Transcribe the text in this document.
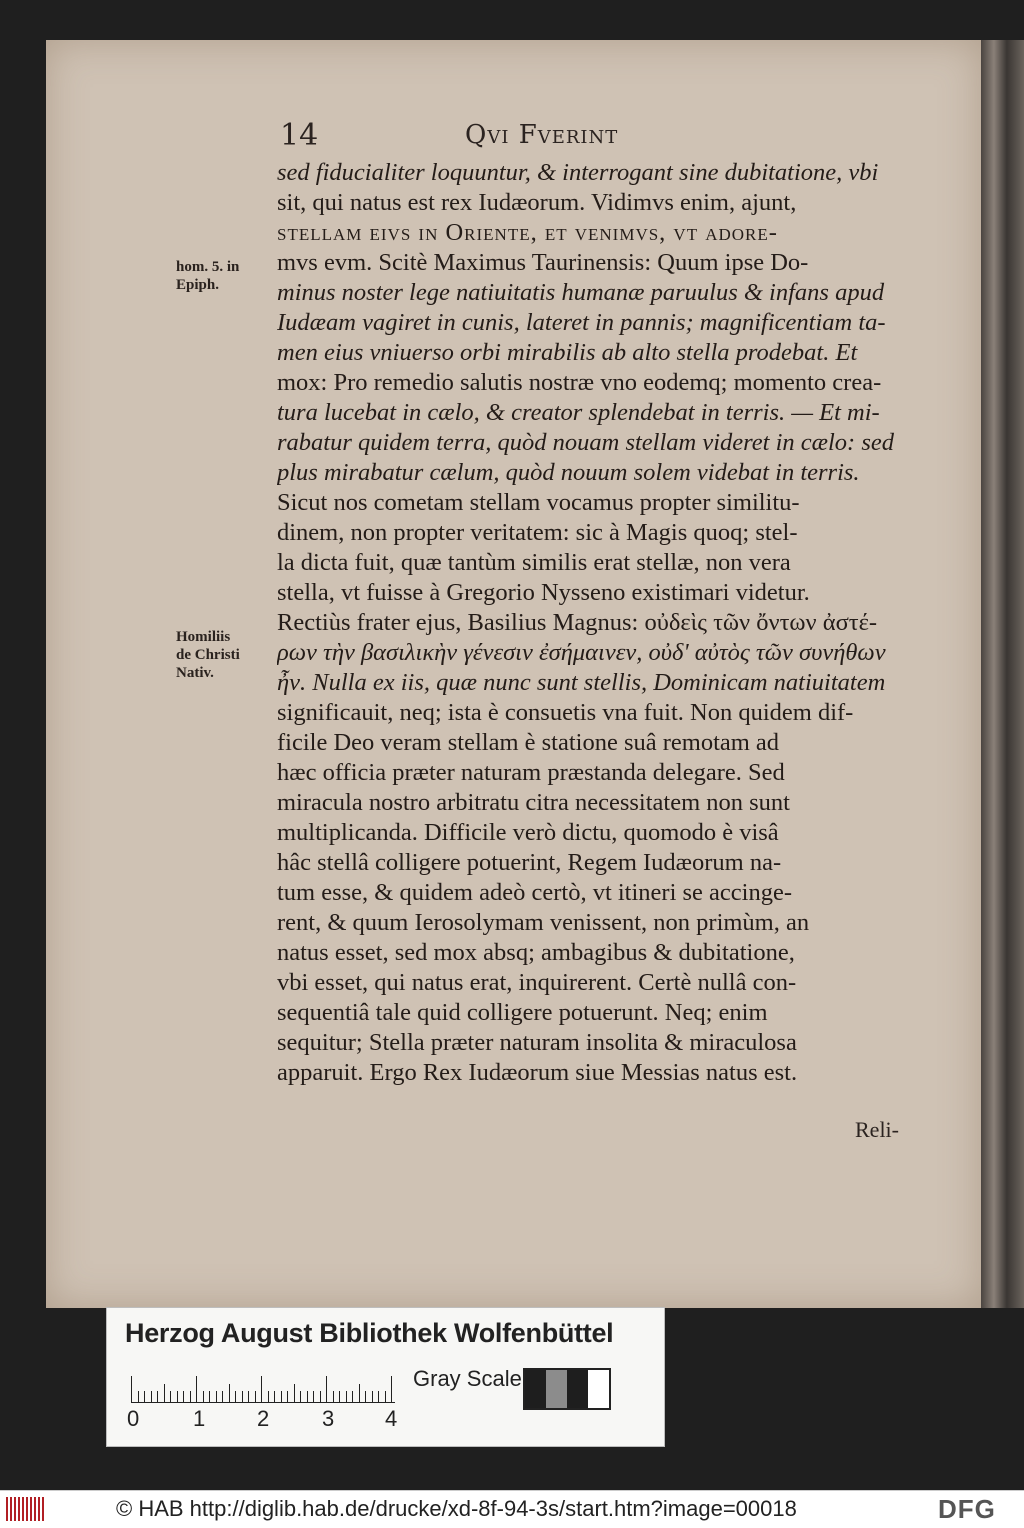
14	Qvi Fverint
hom. 5. in
Epiph.
Homiliis
de Christi
Nativ.
sed fiducialiter loquuntur, & interrogant sine dubitatione, vbi
sit, qui natus est rex Iudæorum. Vidimvs enim, ajunt,
stellam eivs in Oriente, et venimvs, vt adore-
mvs evm. Scitè Maximus Taurinensis: Quum ipse Do-
minus noster lege natiuitatis humanæ paruulus & infans apud
Iudæam vagiret in cunis, lateret in pannis; magnificentiam ta-
men eius vniuerso orbi mirabilis ab alto stella prodebat. Et
mox: Pro remedio salutis nostræ vno eodemq; momento crea-
tura lucebat in cælo, & creator splendebat in terris. — Et mi-
rabatur quidem terra, quòd nouam stellam videret in cælo: sed
plus mirabatur cælum, quòd nouum solem videbat in terris.
Sicut nos cometam stellam vocamus propter similitu-
dinem, non propter veritatem: sic à Magis quoq; stel-
la dicta fuit, quæ tantùm similis erat stellæ, non vera
stella, vt fuisse à Gregorio Nysseno existimari videtur.
Rectiùs frater ejus, Basilius Magnus: οὐδεὶς τῶν ὄντων ἀστέ-
ρων τὴν βασιλικὴν γένεσιν ἐσήμαινεν, οὐδ' αὐτὸς τῶν συνήθων
ἦν. Nulla ex iis, quæ nunc sunt stellis, Dominicam natiuitatem
significauit, neq; ista è consuetis vna fuit. Non quidem dif-
ficile Deo veram stellam è statione suâ remotam ad
hæc officia præter naturam præstanda delegare. Sed
miracula nostro arbitratu citra necessitatem non sunt
multiplicanda. Difficile verò dictu, quomodo è visâ
hâc stellâ colligere potuerint, Regem Iudæorum na-
tum esse, & quidem adeò certò, vt itineri se accinge-
rent, & quum Ierosolymam venissent, non primùm, an
natus esset, sed mox absq; ambagibus & dubitatione,
vbi esset, qui natus erat, inquirerent. Certè nullâ con-
sequentiâ tale quid colligere potuerunt. Neq; enim
sequitur; Stella præter naturam insolita & miraculosa
apparuit. Ergo Rex Iudæorum siue Messias natus est.
Reli-
Herzog August Bibliothek Wolfenbüttel
0 1 2 3 4
Gray Scale
© HAB http://diglib.hab.de/drucke/xd-8f-94-3s/start.htm?image=00018	DFG
